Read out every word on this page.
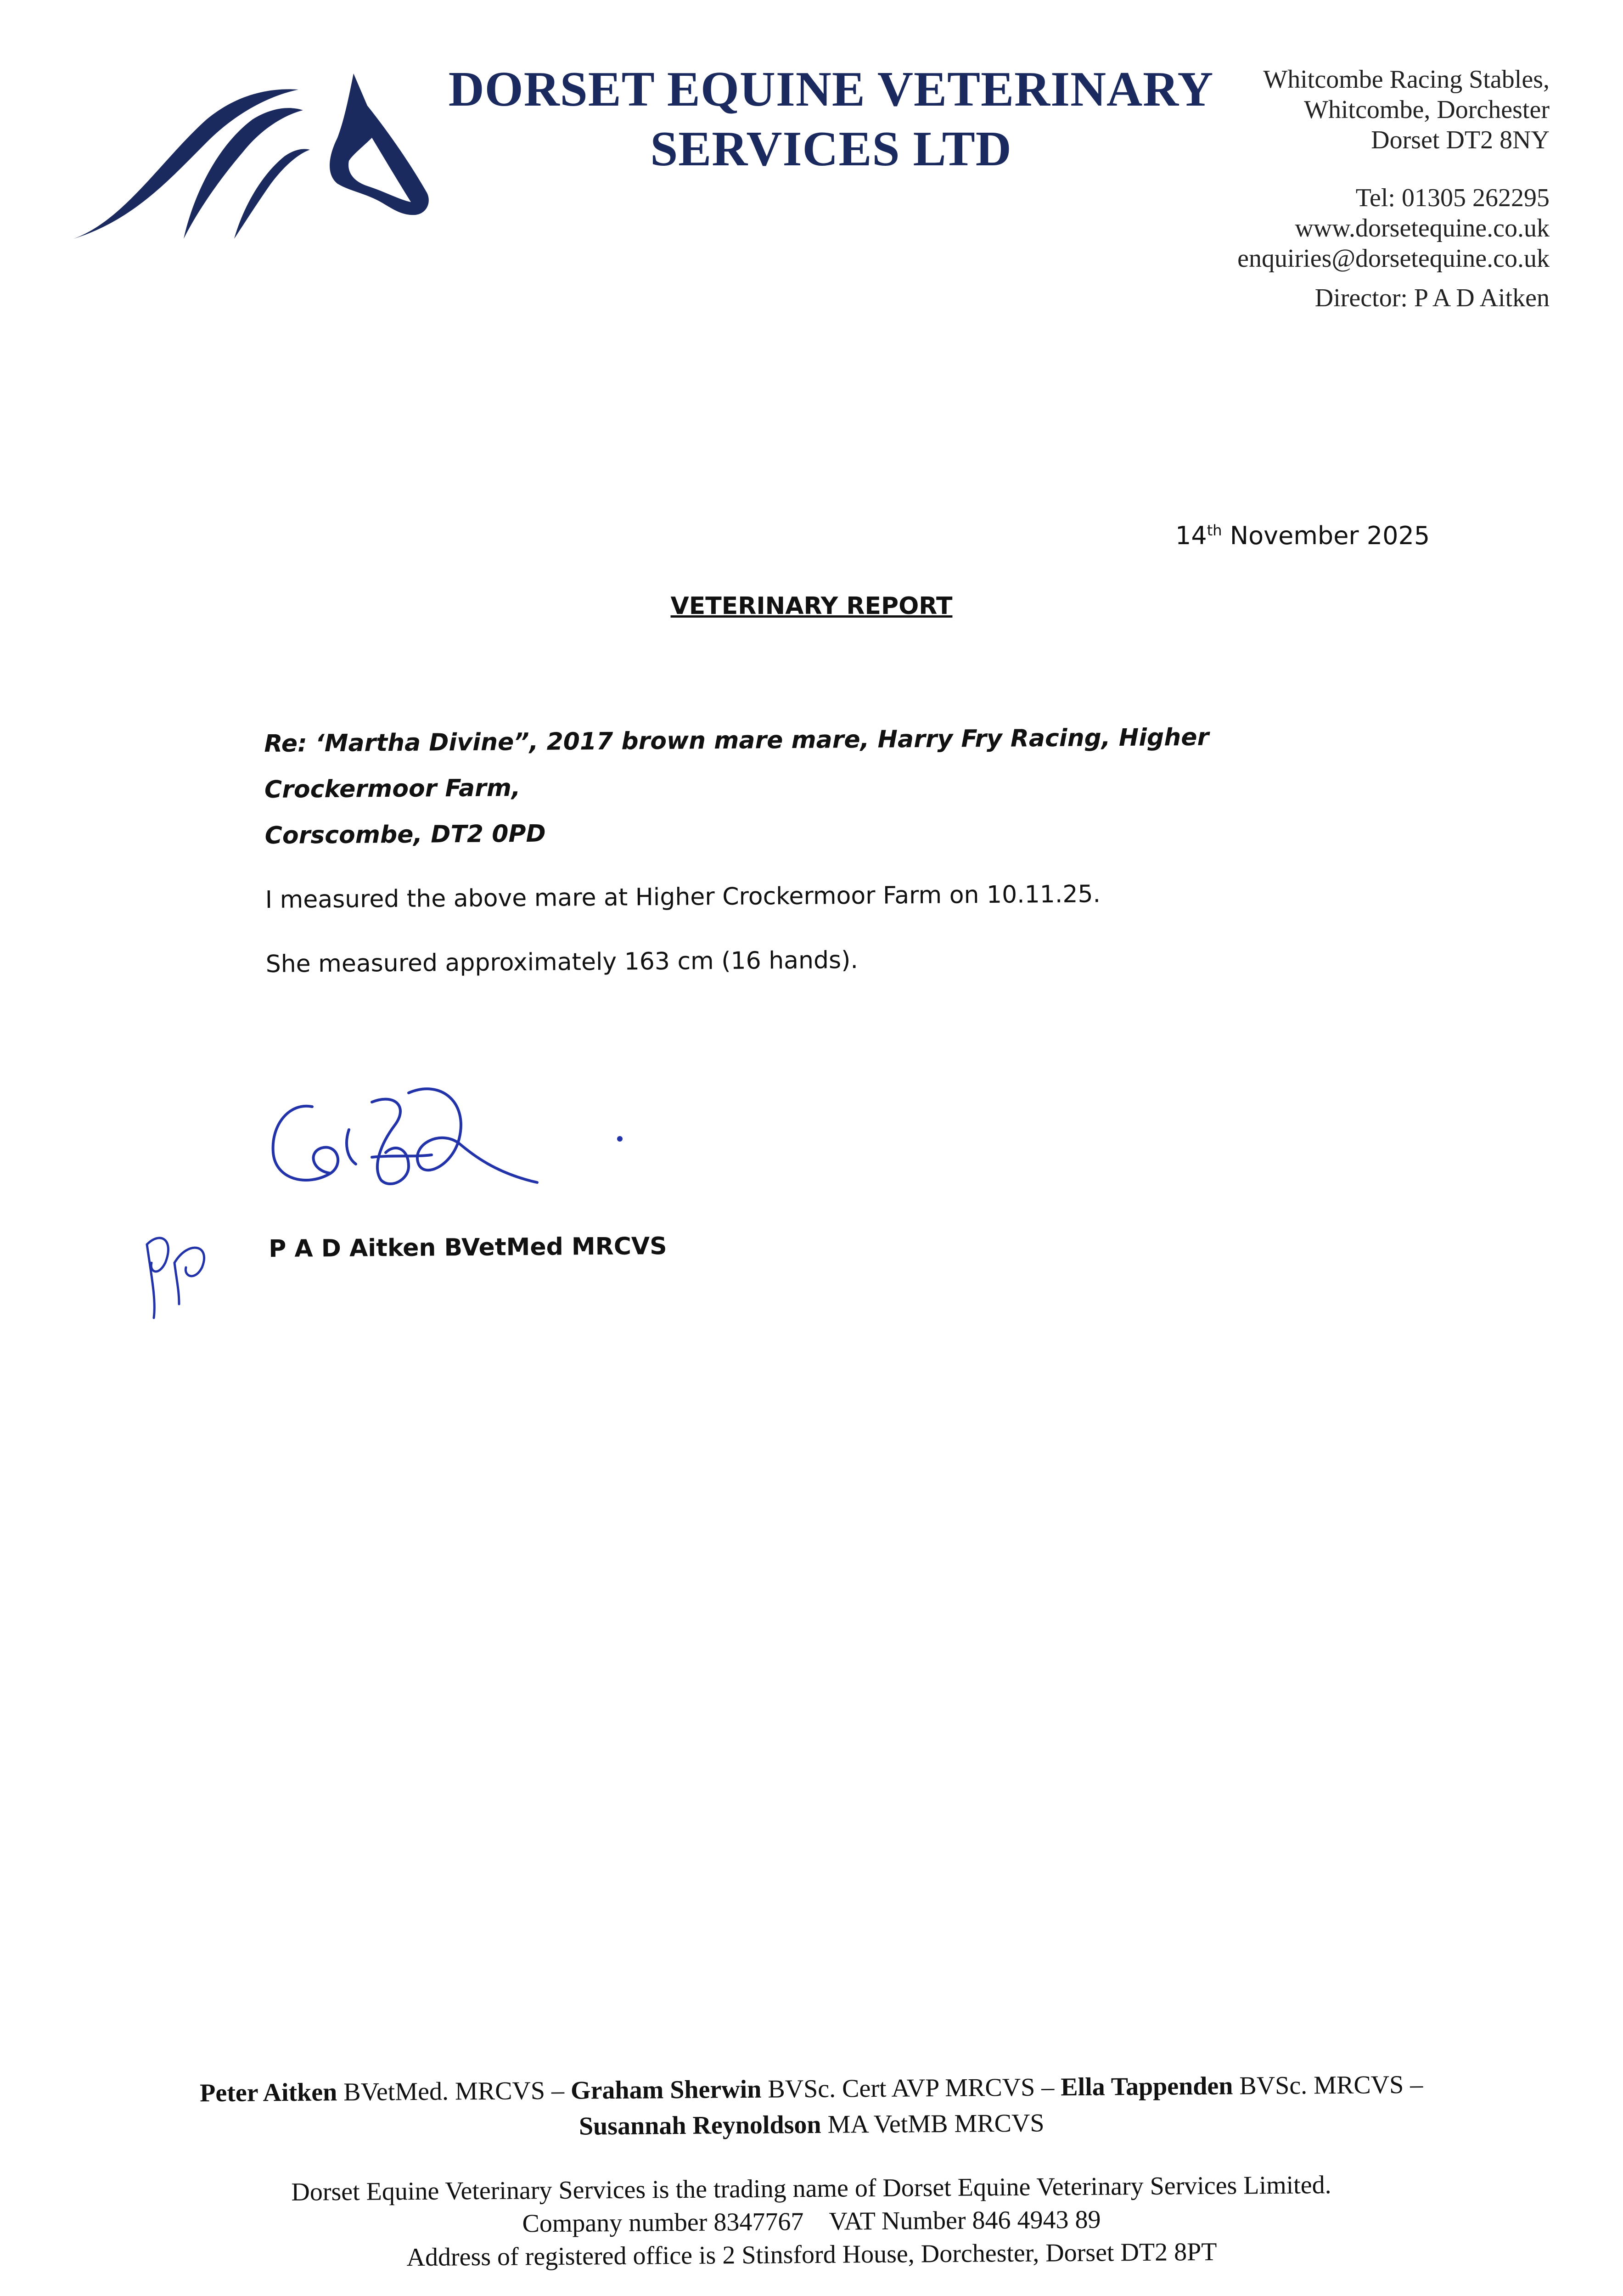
DORSET EQUINE VETERINARY
SERVICES LTD
Whitcombe Racing Stables,
Whitcombe, Dorchester
Dorset DT2 8NY
Tel: 01305 262295
www.dorsetequine.co.uk
enquiries@dorsetequine.co.uk
Director: P A D Aitken
14th November 2025
VETERINARY REPORT
Re: ‘Martha Divine”, 2017 brown mare mare, Harry Fry Racing, Higher Crockermoor Farm,
Corscombe, DT2 0PD
I measured the above mare at Higher Crockermoor Farm on 10.11.25.
She measured approximately 163 cm (16 hands).
P A D Aitken BVetMed MRCVS
Peter Aitken BVetMed. MRCVS – Graham Sherwin BVSc. Cert AVP MRCVS – Ella Tappenden BVSc. MRCVS –
Susannah Reynoldson MA VetMB MRCVS
Dorset Equine Veterinary Services is the trading name of Dorset Equine Veterinary Services Limited.
Company number 8347767    VAT Number 846 4943 89
Address of registered office is 2 Stinsford House, Dorchester, Dorset DT2 8PT
